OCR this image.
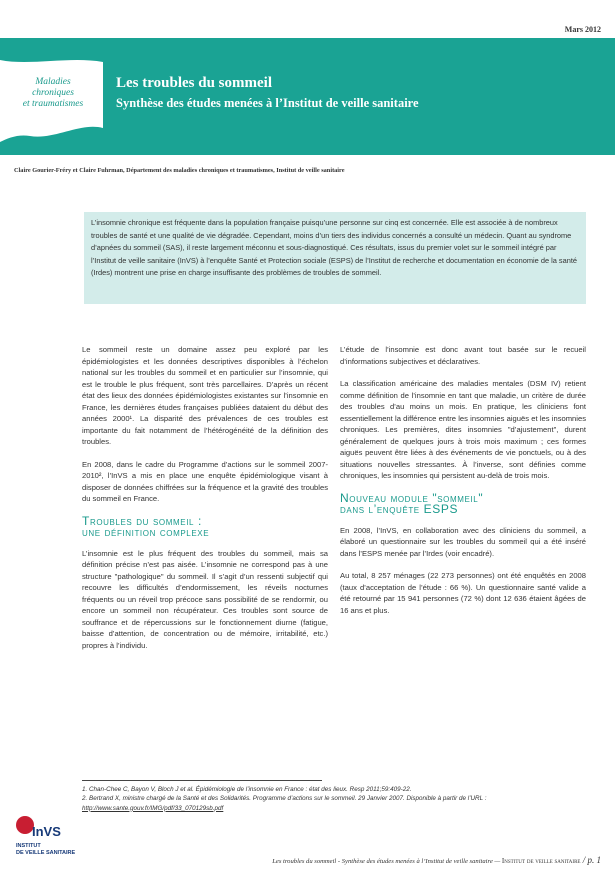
Mars 2012
Maladies
chroniques
et traumatismes
Les troubles du sommeil
Synthèse des études menées à l’Institut de veille sanitaire
Claire Gourier-Fréry et Claire Fuhrman, Département des maladies chroniques et traumatismes, Institut de veille sanitaire
L’insomnie chronique est fréquente dans la population française puisqu’une personne sur cinq est concernée. Elle est associée à de nombreux troubles de santé et une qualité de vie dégradée. Cependant, moins d’un tiers des individus concernés a consulté un médecin. Quant au syndrome d’apnées du sommeil (SAS), il reste largement méconnu et sous-diagnostiqué. Ces résultats, issus du premier volet sur le sommeil intégré par l’Institut de veille sanitaire (InVS) à l’enquête Santé et Protection sociale (ESPS) de l’Institut de recherche et documentation en économie de la santé (Irdes) montrent une prise en charge insuffisante des problèmes de troubles de sommeil.

Le sommeil reste un domaine assez peu exploré par les épidémiologistes et les données descriptives disponibles à l’échelon national sur les troubles du sommeil et en particulier sur l’insomnie, qui est le trouble le plus fréquent, sont très parcellaires. D’après un récent état des lieux des données épidémiologistes existantes sur l’insomnie en France, les dernières études françaises publiées dataient du début des années 2000¹. La disparité des prévalences de ces troubles est importante du fait notamment de l’hétérogénéité de la définition des troubles.

En 2008, dans le cadre du Programme d’actions sur le sommeil 2007-2010², l’InVS a mis en place une enquête épidémiologique visant à disposer de données chiffrées sur la fréquence et la gravité des troubles du sommeil en France.

Troubles du sommeil :
une définition complexe

L’insomnie est le plus fréquent des troubles du sommeil, mais sa définition précise n’est pas aisée. L’insomnie ne correspond pas à une structure "pathologique" du sommeil. Il s’agit d’un ressenti subjectif qui recouvre les difficultés d’endormissement, les réveils nocturnes fréquents ou un réveil trop précoce sans possibilité de se rendormir, ou encore un sommeil non récupérateur. Ces troubles sont source de souffrance et de répercussions sur le fonctionnement diurne (fatigue, baisse d’attention, de concentration ou de mémoire, irritabilité, etc.) propres à l’individu.

L’étude de l’insomnie est donc avant tout basée sur le recueil d’informations subjectives et déclaratives.

La classification américaine des maladies mentales (DSM IV) retient comme définition de l’insomnie en tant que maladie, un critère de durée des troubles d’au moins un mois. En pratique, les cliniciens font essentiellement la différence entre les insomnies aiguës et les insomnies chroniques. Les premières, dites insomnies "d’ajustement", durent généralement de quelques jours à trois mois maximum ; ces formes aiguës peuvent être liées à des événements de vie ponctuels, ou à des situations nouvelles stressantes. À l’inverse, sont définies comme chroniques, les insomnies qui persistent au-delà de trois mois.

Nouveau module "sommeil"
dans l’enquête ESPS

En 2008, l’InVS, en collaboration avec des cliniciens du sommeil, a élaboré un questionnaire sur les troubles du sommeil qui a été inséré dans l’ESPS menée par l’Irdes (voir encadré).

Au total, 8 257 ménages (22 273 personnes) ont été enquêtés en 2008 (taux d’acceptation de l’étude : 66 %). Un questionnaire santé valide a été retourné par 15 941 personnes (72 %) dont 12 636 étaient âgées de 16 ans et plus.

1. Chan-Chee C, Bayon V, Bloch J et al. Épidémiologie de l’insomnie en France : état des lieux. Resp 2011;59:409-22.
2. Bertrand X, ministre chargé de la Santé et des Solidarités. Programme d’actions sur le sommeil. 29 Janvier 2007. Disponible à partir de l’URL :
http://www.sante.gouv.fr/IMG/pdf/33_070129sb.pdf
InVS
INSTITUT
DE VEILLE SANITAIRE
Les troubles du sommeil - Synthèse des études menées à l’Institut de veille sanitaire — Institut de veille sanitaire / p. 1
